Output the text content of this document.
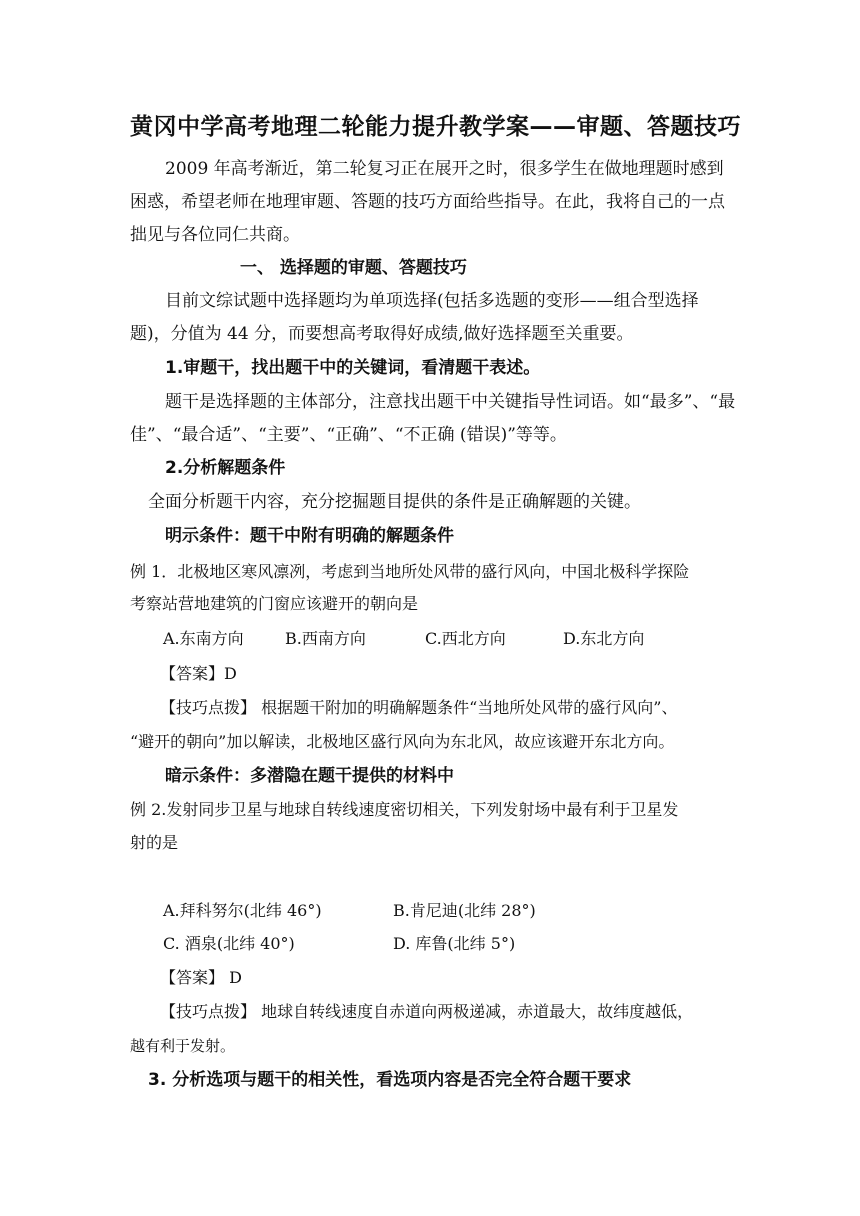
黄冈中学高考地理二轮能力提升教学案——审题、答题技巧
2009 年高考渐近，第二轮复习正在展开之时，很多学生在做地理题时感到
困惑，希望老师在地理审题、答题的技巧方面给些指导。在此，我将自己的一点
拙见与各位同仁共商。
一、 选择题的审题、答题技巧
目前文综试题中选择题均为单项选择(包括多选题的变形——组合型选择
题)，分值为 44 分，而要想高考取得好成绩,做好选择题至关重要。
1.审题干，找出题干中的关键词，看清题干表述。
题干是选择题的主体部分，注意找出题干中关键指导性词语。如“最多”、“最
佳”、“最合适”、“主要”、“正确”、“不正确 (错误)”等等。
2.分析解题条件
全面分析题干内容，充分挖掘题目提供的条件是正确解题的关键。
明示条件：题干中附有明确的解题条件
例 1．北极地区寒风凛冽，考虑到当地所处风带的盛行风向，中国北极科学探险
考察站营地建筑的门窗应该避开的朝向是
A.东南方向	B.西南方向	C.西北方向	D.东北方向
【答案】D
【技巧点拨】 根据题干附加的明确解题条件“当地所处风带的盛行风向”、
“避开的朝向”加以解读，北极地区盛行风向为东北风，故应该避开东北方向。
暗示条件：多潜隐在题干提供的材料中
例 2.发射同步卫星与地球自转线速度密切相关，下列发射场中最有利于卫星发
射的是
A.拜科努尔(北纬 46°)	B.肯尼迪(北纬 28°)
C. 酒泉(北纬 40°)	D. 库鲁(北纬 5°)
【答案】 D
【技巧点拨】 地球自转线速度自赤道向两极递减，赤道最大，故纬度越低，
越有利于发射。
3. 分析选项与题干的相关性，看选项内容是否完全符合题干要求
